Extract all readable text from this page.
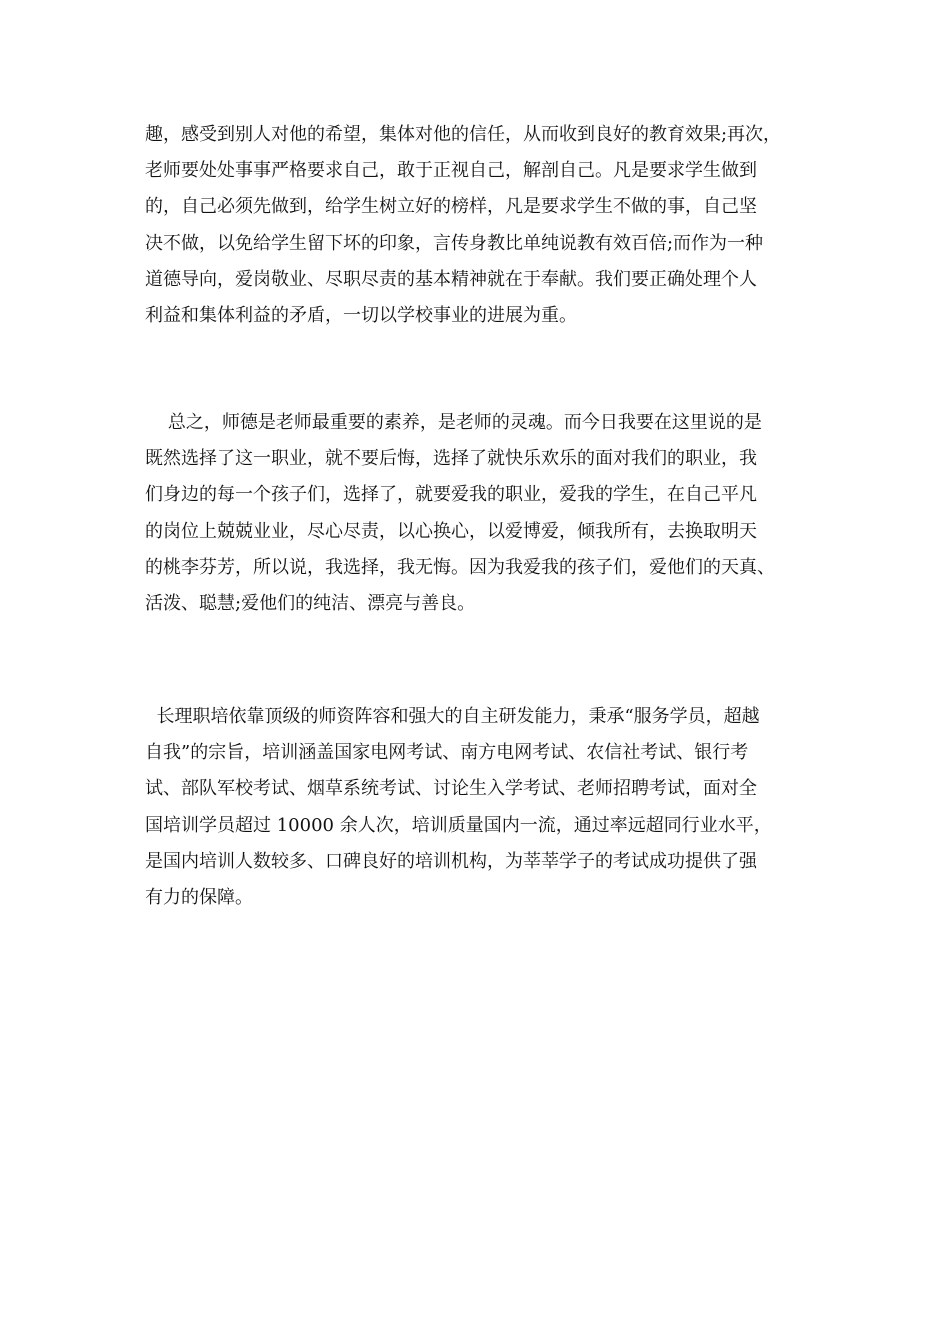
趣，感受到别人对他的希望，集体对他的信任，从而收到良好的教育效果;再次，
老师要处处事事严格要求自己，敢于正视自己，解剖自己。凡是要求学生做到
的，自己必须先做到，给学生树立好的榜样，凡是要求学生不做的事，自己坚
决不做，以免给学生留下坏的印象，言传身教比单纯说教有效百倍;而作为一种
道德导向，爱岗敬业、尽职尽责的基本精神就在于奉献。我们要正确处理个人
利益和集体利益的矛盾，一切以学校事业的进展为重。
总之，师德是老师最重要的素养，是老师的灵魂。而今日我要在这里说的是
既然选择了这一职业，就不要后悔，选择了就快乐欢乐的面对我们的职业，我
们身边的每一个孩子们，选择了，就要爱我的职业，爱我的学生，在自己平凡
的岗位上兢兢业业，尽心尽责，以心换心，以爱博爱，倾我所有，去换取明天
的桃李芬芳，所以说，我选择，我无悔。因为我爱我的孩子们，爱他们的天真、
活泼、聪慧;爱他们的纯洁、漂亮与善良。
长理职培依靠顶级的师资阵容和强大的自主研发能力，秉承“服务学员，超越
自我”的宗旨，培训涵盖国家电网考试、南方电网考试、农信社考试、银行考
试、部队军校考试、烟草系统考试、讨论生入学考试、老师招聘考试，面对全
国培训学员超过 10000 余人次，培训质量国内一流，通过率远超同行业水平，
是国内培训人数较多、口碑良好的培训机构，为莘莘学子的考试成功提供了强
有力的保障。
